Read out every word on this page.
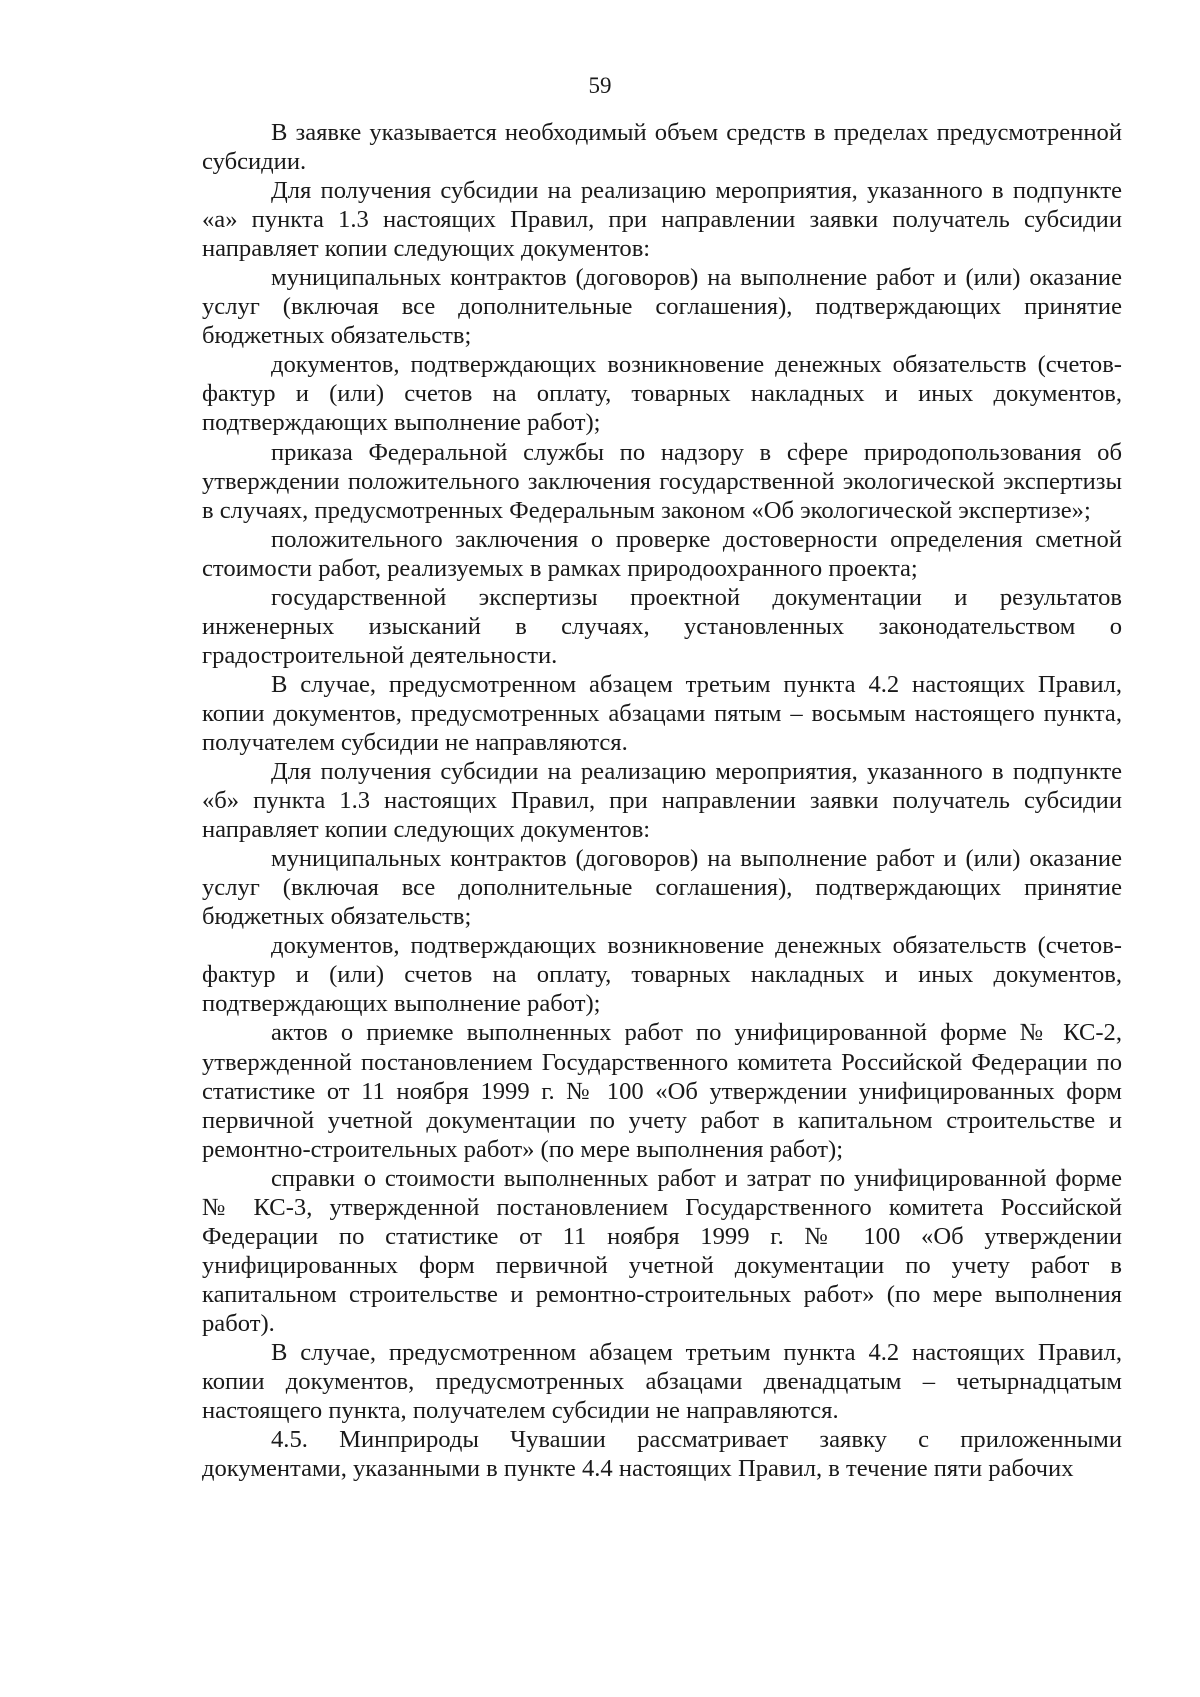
59

В заявке указывается необходимый объем средств в пределах предусмотренной субсидии.

Для получения субсидии на реализацию мероприятия, указанного в подпункте «а» пункта 1.3 настоящих Правил, при направлении заявки получатель субсидии направляет копии следующих документов:

муниципальных контрактов (договоров) на выполнение работ и (или) оказание услуг (включая все дополнительные соглашения), подтверждающих принятие бюджетных обязательств;

документов, подтверждающих возникновение денежных обязательств (счетов-фактур и (или) счетов на оплату, товарных накладных и иных документов, подтверждающих выполнение работ);

приказа Федеральной службы по надзору в сфере природопользования об утверждении положительного заключения государственной экологической экспертизы в случаях, предусмотренных Федеральным законом «Об экологической экспертизе»;

положительного заключения о проверке достоверности определения сметной стоимости работ, реализуемых в рамках природоохранного проекта;

государственной экспертизы проектной документации и результатов инженерных изысканий в случаях, установленных законодательством о градостроительной деятельности.

В случае, предусмотренном абзацем третьим пункта 4.2 настоящих Правил, копии документов, предусмотренных абзацами пятым – восьмым настоящего пункта, получателем субсидии не направляются.

Для получения субсидии на реализацию мероприятия, указанного в подпункте «б» пункта 1.3 настоящих Правил, при направлении заявки получатель субсидии направляет копии следующих документов:

муниципальных контрактов (договоров) на выполнение работ и (или) оказание услуг (включая все дополнительные соглашения), подтверждающих принятие бюджетных обязательств;

документов, подтверждающих возникновение денежных обязательств (счетов-фактур и (или) счетов на оплату, товарных накладных и иных документов, подтверждающих выполнение работ);

актов о приемке выполненных работ по унифицированной форме № КС-2, утвержденной постановлением Государственного комитета Российской Федерации по статистике от 11 ноября 1999 г. № 100 «Об утверждении унифицированных форм первичной учетной документации по учету работ в капитальном строительстве и ремонтно-строительных работ» (по мере выполнения работ);

справки о стоимости выполненных работ и затрат по унифицированной форме № КС-3, утвержденной постановлением Государственного комитета Российской Федерации по статистике от 11 ноября 1999 г. № 100 «Об утверждении унифицированных форм первичной учетной документации по учету работ в капитальном строительстве и ремонтно-строительных работ» (по мере выполнения работ).

В случае, предусмотренном абзацем третьим пункта 4.2 настоящих Правил, копии документов, предусмотренных абзацами двенадцатым – четырнадцатым настоящего пункта, получателем субсидии не направляются.

4.5. Минприроды Чувашии рассматривает заявку с приложенными документами, указанными в пункте 4.4 настоящих Правил, в течение пяти рабочих
